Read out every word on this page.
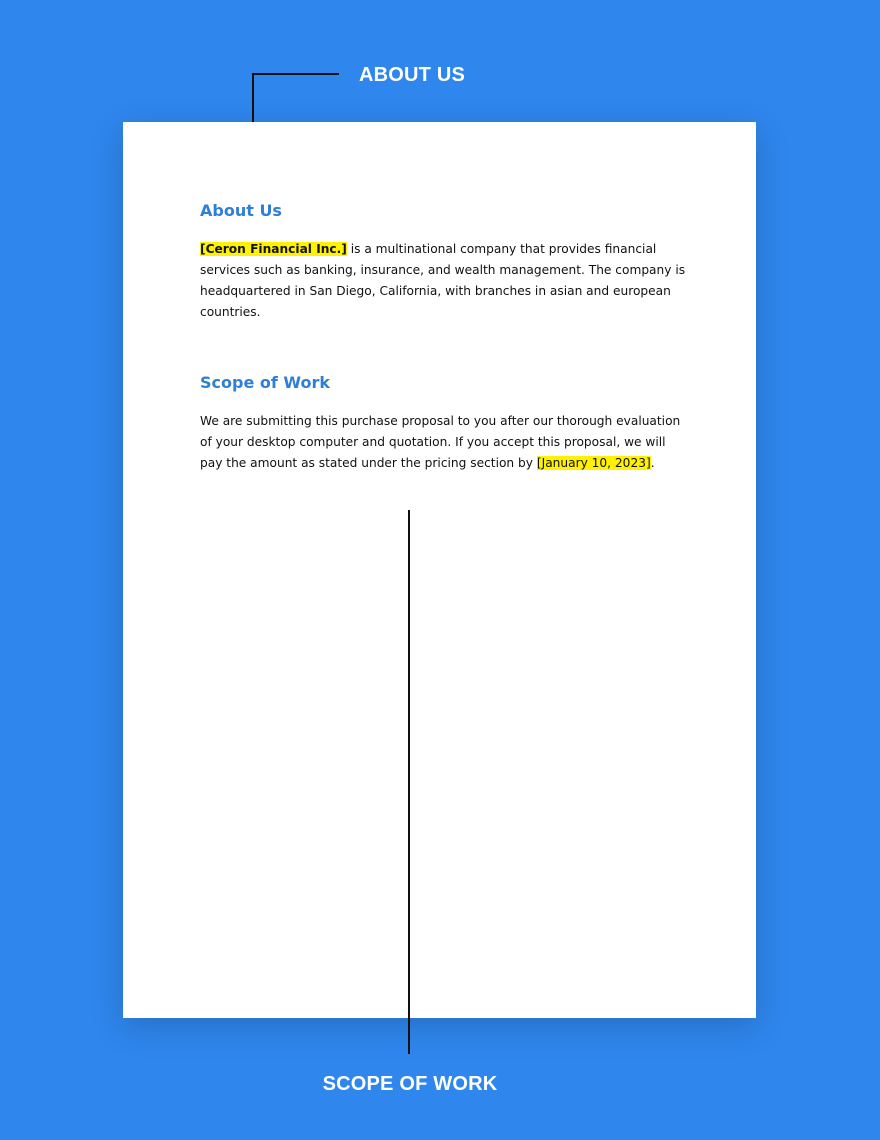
ABOUT US
About Us

[Ceron Financial Inc.] is a multinational company that provides financial services such as banking, insurance, and wealth management. The company is headquartered in San Diego, California, with branches in asian and european countries.

Scope of Work

We are submitting this purchase proposal to you after our thorough evaluation of your desktop computer and quotation. If you accept this proposal, we will pay the amount as stated under the pricing section by [January 10, 2023].

SCOPE OF WORK
